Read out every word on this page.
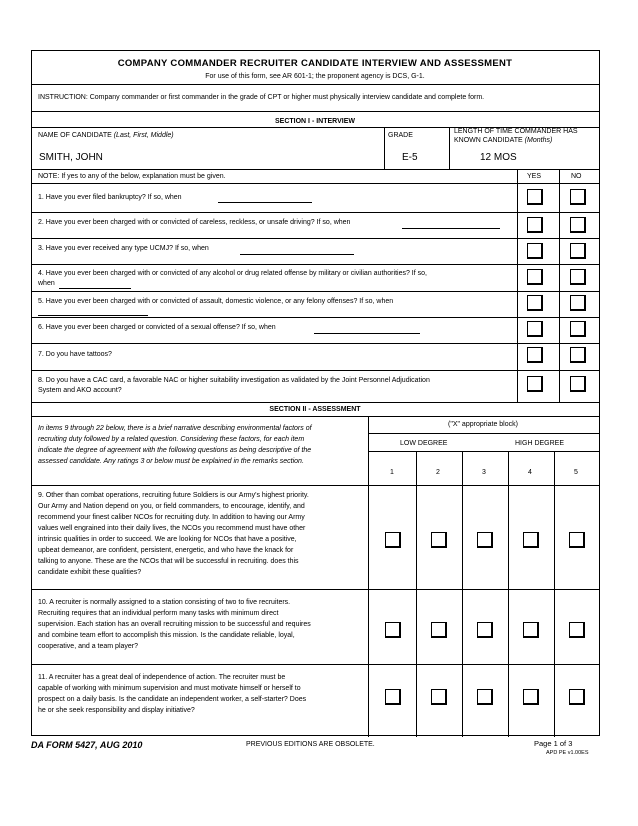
COMPANY COMMANDER RECRUITER CANDIDATE INTERVIEW AND ASSESSMENT
For use of this form, see AR 601-1; the proponent agency is DCS, G-1.
INSTRUCTION: Company commander or first commander in the grade of CPT or higher must physically interview candidate and complete form.
SECTION I - INTERVIEW
NAME OF CANDIDATE (Last, First, Middle)
SMITH, JOHN
GRADE
E-5
LENGTH OF TIME COMMANDER HAS
KNOWN CANDIDATE (Months)
12 MOS
NOTE: If yes to any of the below, explanation must be given.	YES	NO
1. Have you ever filed bankruptcy? If so, when
2. Have you ever been charged with or convicted of careless, reckless, or unsafe driving? If so, when
3. Have you ever received any type UCMJ? If so, when
4. Have you ever been charged with or convicted of any alcohol or drug related offense by military or civilian authorities? If so,
when
5. Have you ever been charged with or convicted of assault, domestic violence, or any felony offenses? If so, when
6. Have you ever been charged or convicted of a sexual offense? If so, when
7. Do you have tattoos?
8. Do you have a CAC card, a favorable NAC or higher suitability investigation as validated by the Joint Personnel Adjudication
System and AKO account?
SECTION II - ASSESSMENT
In items 9 through 22 below, there is a brief narrative describing environmental factors of
recruiting duty followed by a related question. Considering these factors, for each item
indicate the degree of agreement with the following questions as being descriptive of the
assessed candidate. Any ratings 3 or below must be explained in the remarks section.
("X" appropriate block)
LOW DEGREE	HIGH DEGREE
1	2	3	4	5
9. Other than combat operations, recruiting future Soldiers is our Army's highest priority.
Our Army and Nation depend on you, or field commanders, to encourage, identify, and
recommend your finest caliber NCOs for recruiting duty. In addition to having our Army
values well engrained into their daily lives, the NCOs you recommend must have other
intrinsic qualities in order to succeed. We are looking for NCOs that have a positive,
upbeat demeanor, are confident, persistent, energetic, and who have the knack for
talking to anyone. These are the NCOs that will be successful in recruiting. does this
candidate exhibit these qualities?
10. A recruiter is normally assigned to a station consisting of two to five recruiters.
Recruiting requires that an individual perform many tasks with minimum direct
supervision. Each station has an overall recruiting mission to be successful and requires
and combine team effort to accomplish this mission. Is the candidate reliable, loyal,
cooperative, and a team player?
11. A recruiter has a great deal of independence of action. The recruiter must be
capable of working with minimum supervision and must motivate himself or herself to
prospect on a daily basis. Is the candidate an independent worker, a self-starter? Does
he or she seek responsibility and display initiative?
DA FORM 5427, AUG 2010	PREVIOUS EDITIONS ARE OBSOLETE.	Page 1 of 3
APD PE v1.00ES
